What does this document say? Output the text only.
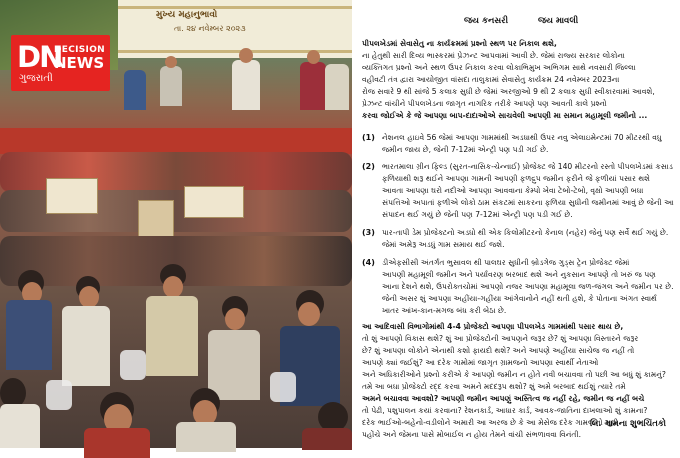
મુખ્ય મહાનુભાવો
તા. ૨૪ નવેમ્બર ૨૦૨૩
DN
DECISION
NEWS
ગુજરાતી
જય કનસરી	જય માવલી
પીપલખેડમાં સેવાસેતુ ના કાર્યક્રમમાં પ્રશ્નો સ્થળ પર નિકાલ થશે,
ના હેતુથી સારી દિવ્ય ભાસ્કરમાં પ્રેઝન્ટ આપવામાં આવી છે. જેમાં રાજ્ય સરકાર લોકોના
વ્યક્તિગત પ્રશ્નો અને સ્થળ ઉપર નિકાલ કરવા લોકાભિમુખ અભિગમ સાથે નવસારી જિલ્લા
વહીવટી તંત્ર દ્વારા આયોજીત વાંસદા તાલુકામાં સેવાસેતુ કાર્યક્રમ 24 નવેમ્બર 2023ના
રોજ સવારે 9 થી સાંજે 5 કલાક સુધી છે જેમાં અરજીઓ 9 થી 2 કલાક સુધી સ્વીકારવામાં આવશે,
પ્રેઝન્ટ વાંચીને પીપલખેડના જાગૃત નાગરિક તરીકે આપણે પણ આવતી કાલે પ્રશ્નો
કરવા જોઈએ કે જે આપણા બાપ-દાદાઓએ સાચવેલી આપણી મા સમાન મહામૂલી જમીનો ...
(1) નેશનલ હાઇવે 56 જેમાં આપણા ગામમાંથી અડધાથી ઉપર નવુ એલાઇમેન્ટમાં 70 મીટરથી વધુ
જમીન જાય છે, જેની 7-12માં એન્ટ્રી પણ પડી ગઈ છે.
(2) ભારતમાલા ગ્રીન ફિલ્ડ (સુરત-નાસિક-ચેન્નાઈ) પ્રોજેક્ટ જે 140 મીટરનો રસ્તો પીપલખેડમાં કસાડ
ફળિયાથી શરૂ થઈને આપણા ગામની આપણી ફળદ્રુપ જમીન ફરીને જે ફળીયાં પસાર થશે
આવતા આપણા ઘરો નદીઓ આપણા આવવાના કેમ્પો ખેવા ટેબો-ટેબો, વૃક્ષો આપણી બધા
સંપત્તિઓ અપાતાં ફળીએ લોકો ઠામ સંકટમાં સાકરના ફળિયા સુધીની જમીનમાં આવું છે જેની આ
સંપાદન થઈ ગયું છે જેની પણ 7-12માં એન્ટ્રી પણ પડી ગઈ છે.
(3) પાર-તાપી ડેમ પ્રોજેક્ટનો અડધો થી એક કિલોમીટરનો કેનાલ (નહેર) જેનું પણ સર્વે થઈ ગયું છે.
જેમાં અમેરૂ અડધું ગામ સમાય થઈ જશે.
(4) ડીએફસીસી અંતર્ગત ભુસાવલ થી પાલઘર સુધીની બ્રોડગેજ ગુડ્સ ટ્રેન પ્રોજેક્ટ જેમાં
આપણી મહામૂલી જમીન અને પર્યાવરણ બરબાદ થશે અને નુકસાન આપણે તો ખરું જ પણ
આના દેશને થશે, ઉપરોક્તચોમાં આપણો નજર આપણા મહામૂલા જળ-જંગલ અને જમીન પર છે.
જેની અસર શું આપણા અહીંયા-ગહીંયા આંગેવાનોને નહીં થતી હશે, કે પોતાના અંગત સ્વાર્થ
ખાતર આંખ-કાન-મગજ બંધ કરી બેઠા છે.
આ આદિવાસી વિભાગોમાંથી 4-4 પ્રોજેક્ટો આપણા પીપલખેડ ગામમાંથી પસાર થાય છે,
તો શું આપણો વિકાસ થશે? શું આ પ્રોજેક્ટોની આપણને જરૂર છે? શું આપણા વિસ્તારને જરૂર
છે? શું આપણા લોકોને એનાથી કશો ફાયદો થશે? અને આપણે અહીંયા સાચેજ જ નહીં તો
આપણે ક્યાં જઈશું? આ દરેક ગામોમાં જાગૃત ગ્રામજનો આપણા સ્વાર્થી નેતાઓ
અને અધિકારીઓને પ્રશ્નો કરીએ કે આપણો જમીન ન હોતે નવી બચાવવા તો પછી આ બધું શું કામનું?
તમે આ બધા પ્રોજેક્ટો રદ્દ કરવા અમને મદદરૂપ થશો? શું અમે બરબાદ થઈશું ત્યારે તમે
અમને બચાવવા આવશો? આપણી જમીન આપણું અસ્તિત્વ જ નહીં રહે, જમીન જ નહીં બચે
તો પેઢી, પશુપાલન કયાં કરવાના? રેશનકાર્ડ, આધાર કાર્ડ, આવક-જાતિના દાખલાઓ શું કામના?
દરેક ભાઈઓ-બહેનો-વડીલોને અમારી આ અરજ છે કે આ મેસેજ દરેક ગામજનો સુધી
પહોંચે અને જેમના પાસે મોબાઈલ ન હોય તેમને વાંચી સંભળાવવા વિનંતી.
લિ. ગામના શુભચિંતકો
